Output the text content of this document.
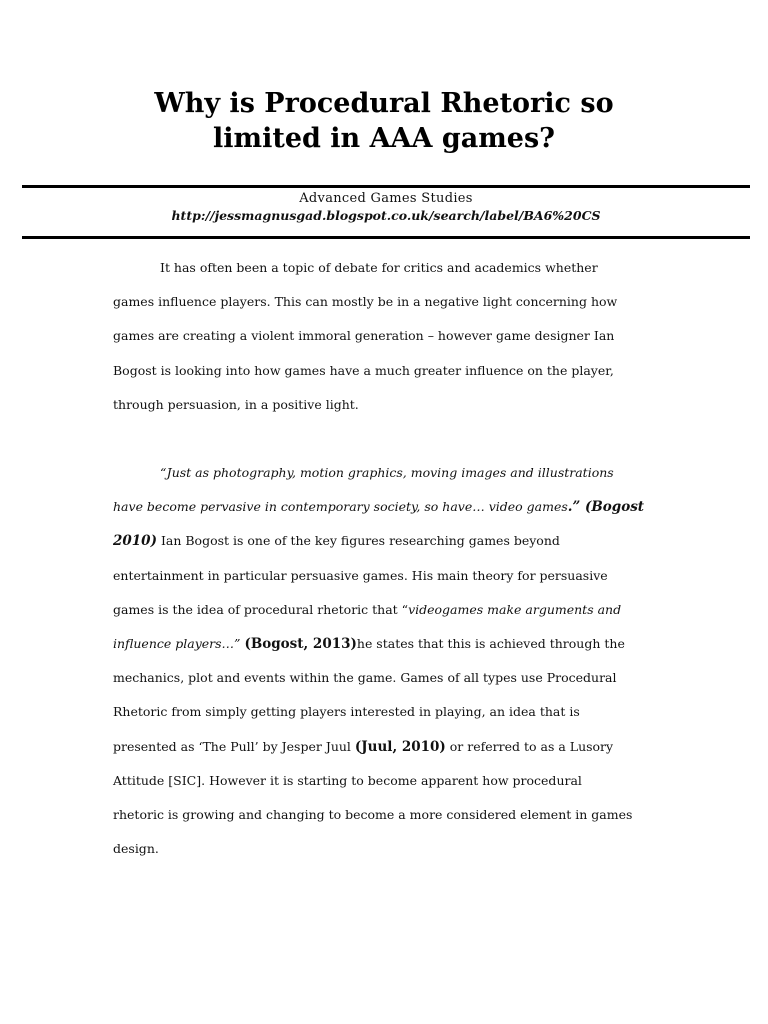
Why is Procedural Rhetoric so
limited in AAA games?
Advanced Games Studies
http://jessmagnusgad.blogspot.co.uk/search/label/BA6%20CS
It has often been a topic of debate for critics and academics whether
games influence players. This can mostly be in a negative light concerning how
games are creating a violent immoral generation – however game designer Ian
Bogost is looking into how games have a much greater influence on the player,
through persuasion, in a positive light.
“Just as photography, motion graphics, moving images and illustrations
have become pervasive in contemporary society, so have… video games.” (Bogost
2010) Ian Bogost is one of the key figures researching games beyond
entertainment in particular persuasive games. His main theory for persuasive
games is the idea of procedural rhetoric that “videogames make arguments and
influence players…” (Bogost, 2013)he states that this is achieved through the
mechanics, plot and events within the game. Games of all types use Procedural
Rhetoric from simply getting players interested in playing, an idea that is
presented as ‘The Pull’ by Jesper Juul (Juul, 2010) or referred to as a Lusory
Attitude [SIC]. However it is starting to become apparent how procedural
rhetoric is growing and changing to become a more considered element in games
design.
